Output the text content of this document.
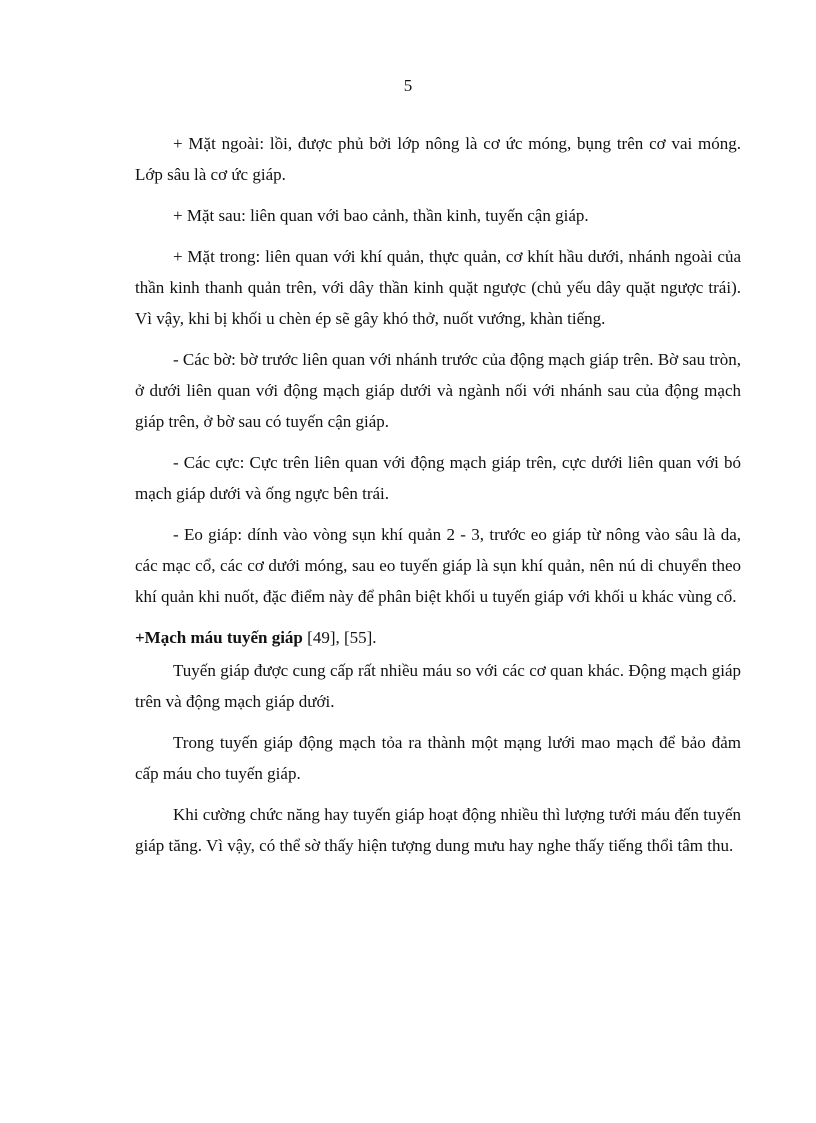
5

+ Mặt ngoài: lồi, được phủ bởi lớp nông là cơ ức móng, bụng trên cơ vai móng. Lớp sâu là cơ ức giáp.

+ Mặt sau: liên quan với bao cảnh, thần kinh, tuyến cận giáp.

+ Mặt trong: liên quan với khí quản, thực quản, cơ khít hầu dưới, nhánh ngoài của thần kinh thanh quản trên, với dây thần kinh quặt ngược (chủ yếu dây quặt ngược trái). Vì vậy, khi bị khối u chèn ép sẽ gây khó thở, nuốt vướng, khàn tiếng.

- Các bờ: bờ trước liên quan với nhánh trước của động mạch giáp trên. Bờ sau tròn, ở dưới liên quan với động mạch giáp dưới và ngành nối với nhánh sau của động mạch giáp trên, ở bờ sau có tuyến cận giáp.

- Các cực: Cực trên liên quan với động mạch giáp trên, cực dưới liên quan với bó mạch giáp dưới và ống ngực bên trái.

- Eo giáp: dính vào vòng sụn khí quản 2 - 3, trước eo giáp từ nông vào sâu là da, các mạc cổ, các cơ dưới móng, sau eo tuyến giáp là sụn khí quản, nên nú di chuyển theo khí quản khi nuốt, đặc điểm này để phân biệt khối u tuyến giáp với khối u khác vùng cổ.

+Mạch máu tuyến giáp [49], [55].

Tuyến giáp được cung cấp rất nhiều máu so với các cơ quan khác. Động mạch giáp trên và động mạch giáp dưới.

Trong tuyến giáp động mạch tỏa ra thành một mạng lưới mao mạch để bảo đảm cấp máu cho tuyến giáp.

Khi cường chức năng hay tuyến giáp hoạt động nhiều thì lượng tưới máu đến tuyến giáp tăng. Vì vậy, có thể sờ thấy hiện tượng dung mưu hay nghe thấy tiếng thổi tâm thu.
